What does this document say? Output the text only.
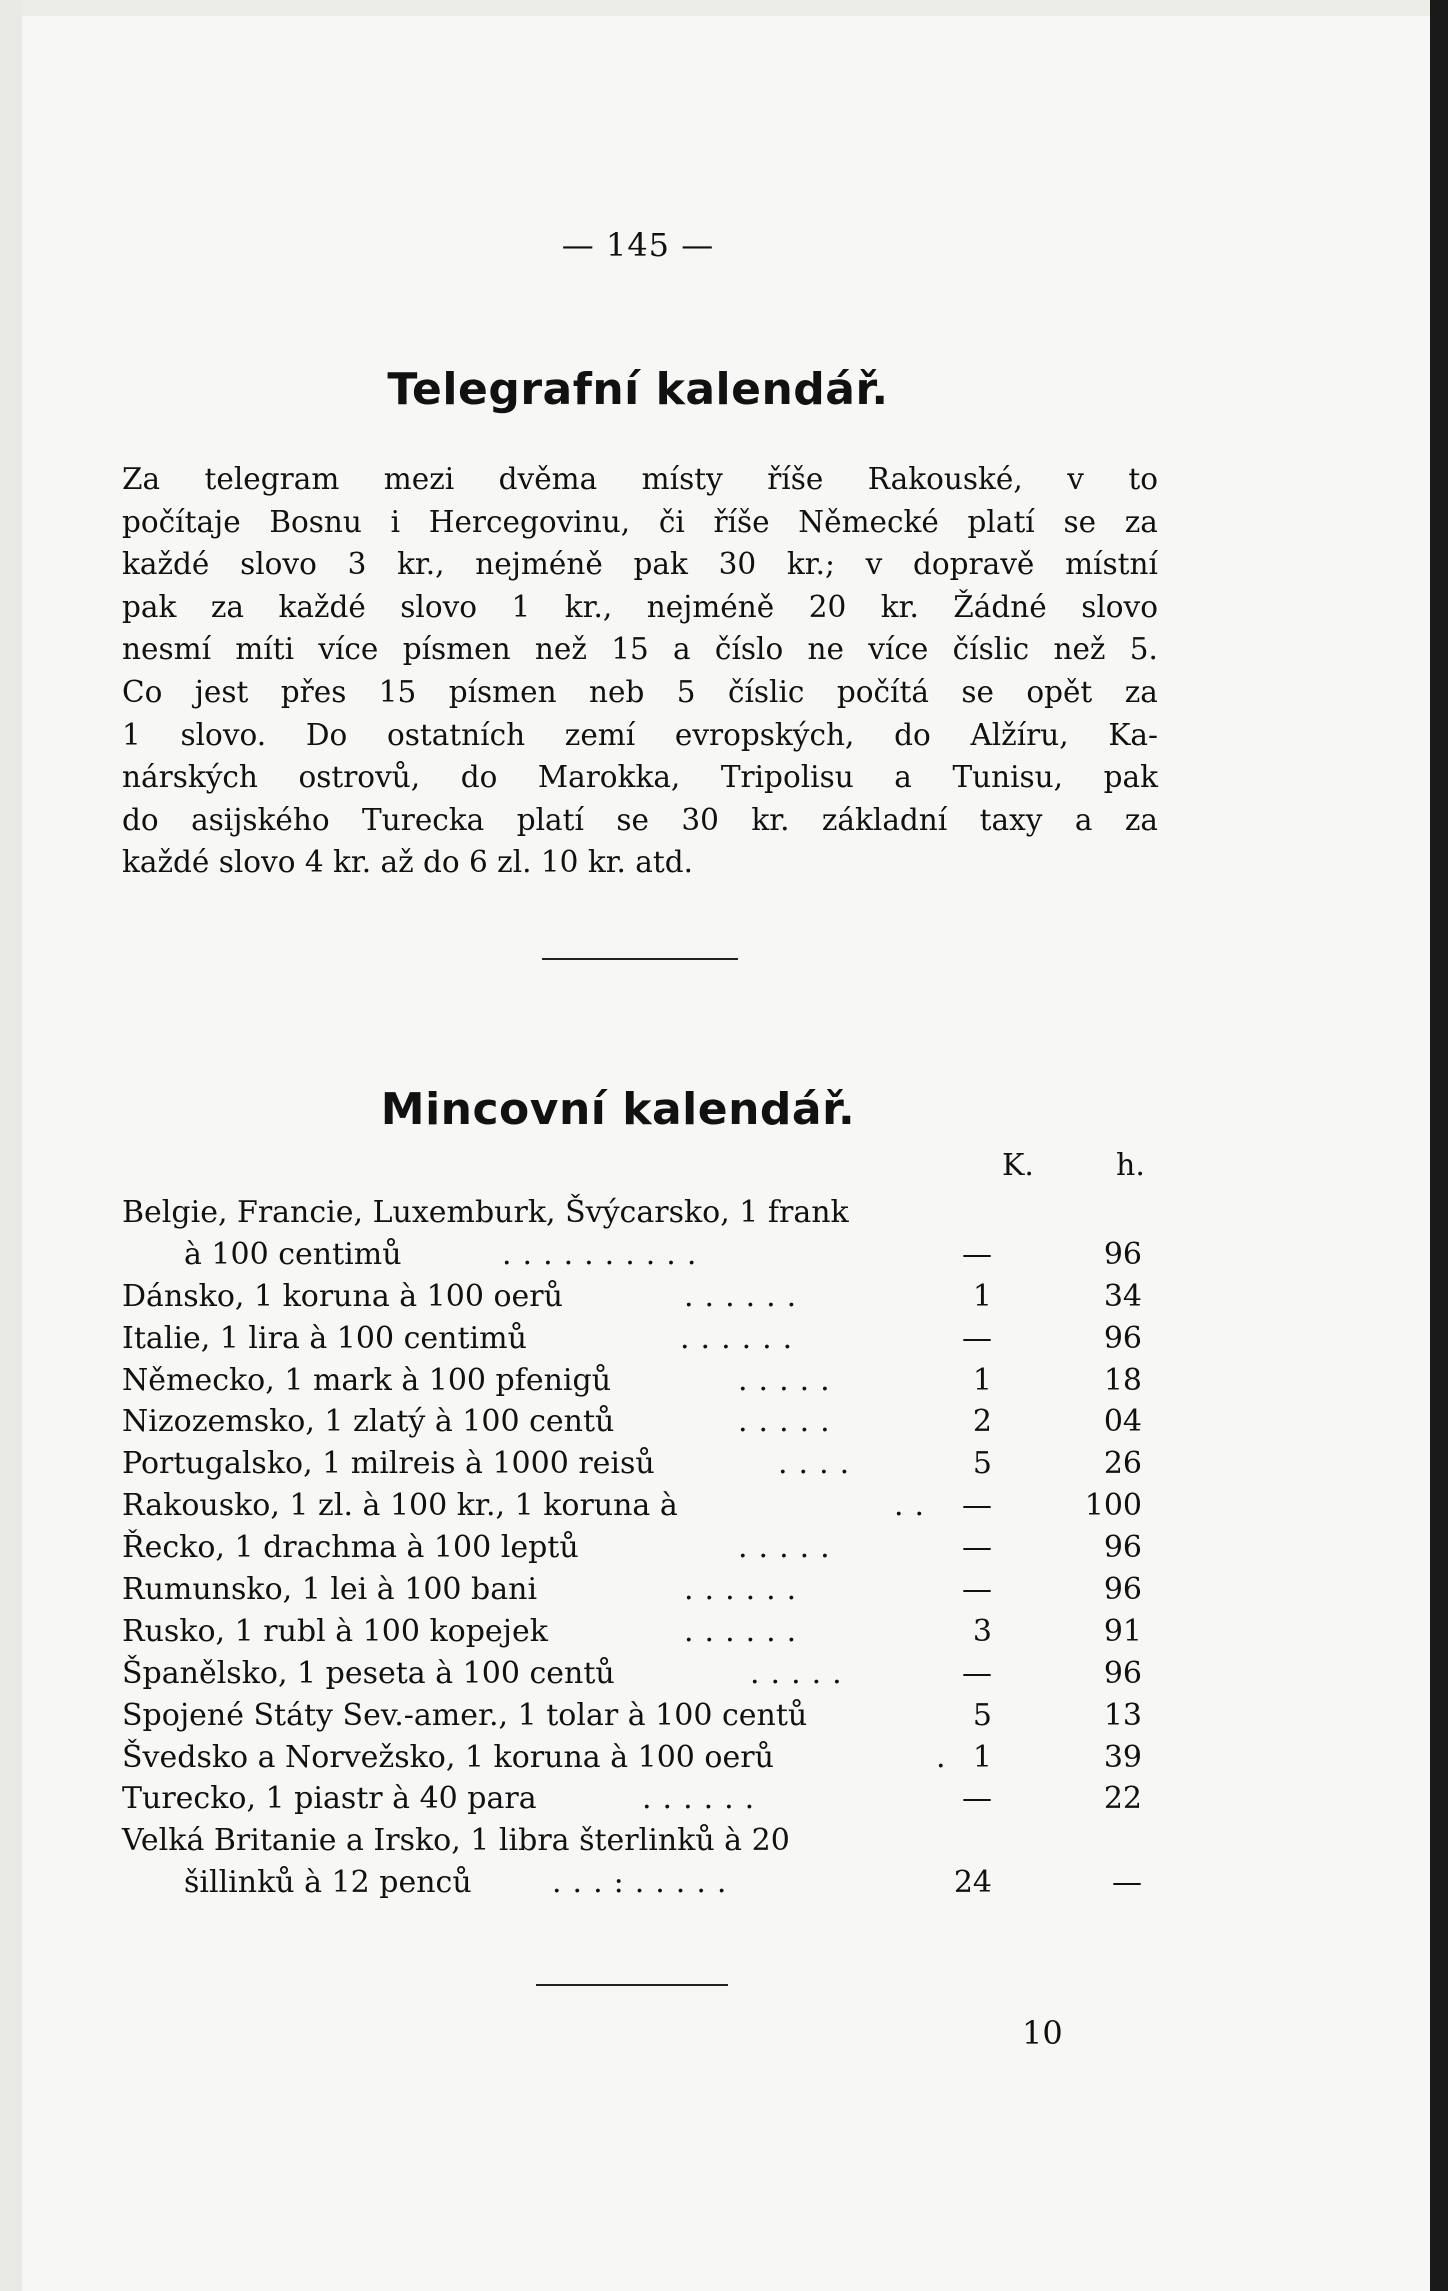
— 145 —
Telegrafní kalendář.
Za telegram mezi dvěma místy říše Rakouské, v to
počítaje Bosnu i Hercegovinu, či říše Německé platí se za
každé slovo 3 kr., nejméně pak 30 kr.; v dopravě místní
pak za každé slovo 1 kr., nejméně 20 kr. Žádné slovo
nesmí míti více písmen než 15 a číslo ne více číslic než 5.
Co jest přes 15 písmen neb 5 číslic počítá se opět za
1 slovo. Do ostatních zemí evropských, do Alžíru, Ka-
nárských ostrovů, do Marokka, Tripolisu a Tunisu, pak
do asijského Turecka platí se 30 kr. základní taxy a za
každé slovo 4 kr. až do 6 zl. 10 kr. atd.
Mincovní kalendář.
K.	h.
Belgie, Francie, Luxemburk, Švýcarsko, 1 frank
à 100 centimů	..........	—	96
Dánsko, 1 koruna à 100 oerů	......	1	34
Italie, 1 lira à 100 centimů	......	—	96
Německo, 1 mark à 100 pfenigů	.....	1	18
Nizozemsko, 1 zlatý à 100 centů	.....	2	04
Portugalsko, 1 milreis à 1000 reisů	....	5	26
Rakousko, 1 zl. à 100 kr., 1 koruna à	.. —	100
Řecko, 1 drachma à 100 leptů	.....	—	96
Rumunsko, 1 lei à 100 bani	......	—	96
Rusko, 1 rubl à 100 kopejek	......	3	91
Španělsko, 1 peseta à 100 centů	.....	—	96
Spojené Státy Sev.-amer., 1 tolar à 100 centů	5	13
Švedsko a Norvežsko, 1 koruna à 100 oerů	. 1	39
Turecko, 1 piastr à 40 para	......	—	22
Velká Britanie a Irsko, 1 libra šterlinků à 20
šillinků à 12 penců	...:.....	24	—
10
